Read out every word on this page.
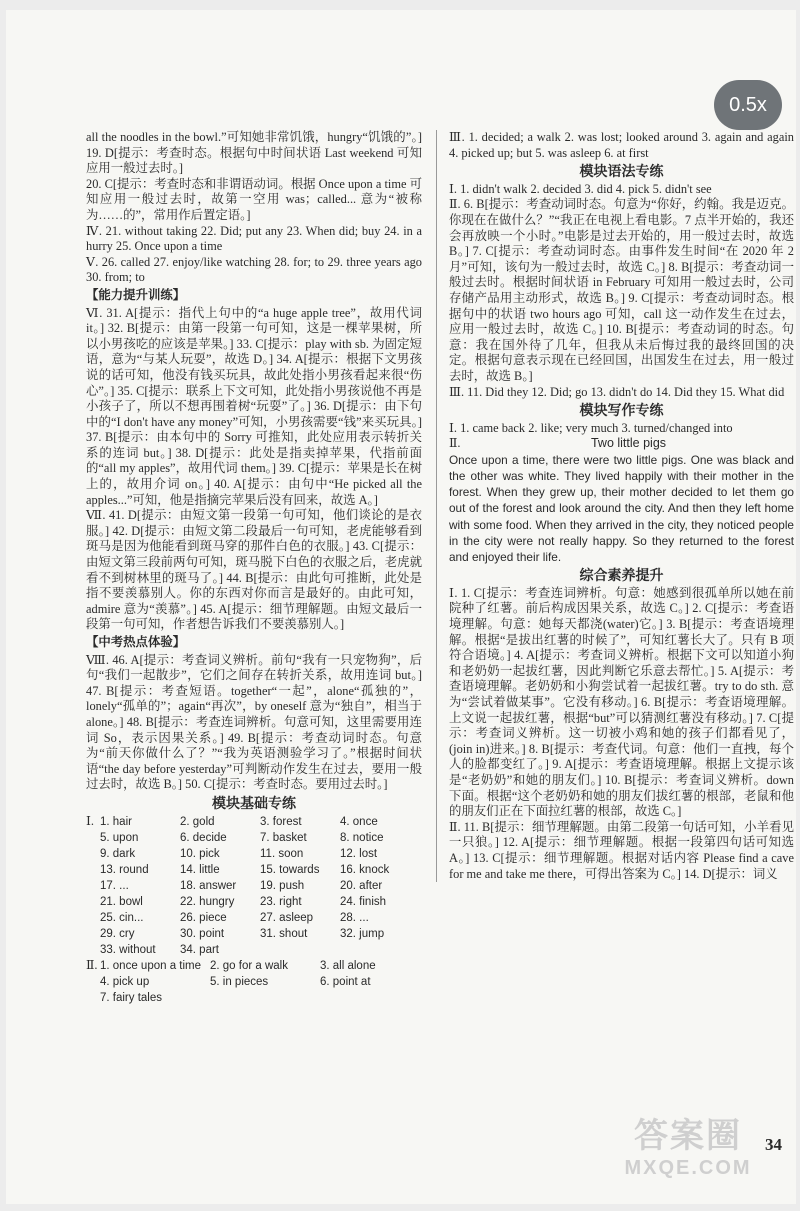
0.5x

all the noodles in the bowl.”可知她非常饥饿，hungry“饥饿的”。] 19. D[提示：考查时态。根据句中时间状语 Last weekend 可知应用一般过去时。]

20. C[提示：考查时态和非谓语动词。根据 Once upon a time 可知应用一般过去时，故第一空用 was；called... 意为“被称为……的”，常用作后置定语。]

Ⅳ. 21. without taking 22. Did; put any 23. When did; buy 24. in a hurry 25. Once upon a time

Ⅴ. 26. called 27. enjoy/like watching 28. for; to 29. three years ago 30. from; to

【能力提升训练】

Ⅵ. 31. A[提示：指代上句中的“a huge apple tree”，故用代词 it。] 32. B[提示：由第一段第一句可知，这是一棵苹果树，所以小男孩吃的应该是苹果。] 33. C[提示：play with sb. 为固定短语，意为“与某人玩耍”，故选 D。] 34. A[提示：根据下文男孩说的话可知，他没有钱买玩具，故此处指小男孩看起来很“伤心”。] 35. C[提示：联系上下文可知，此处指小男孩说他不再是小孩子了，所以不想再围着树“玩耍”了。] 36. D[提示：由下句中的“I don't have any money”可知，小男孩需要“钱”来买玩具。] 37. B[提示：由本句中的 Sorry 可推知，此处应用表示转折关系的连词 but。] 38. D[提示：此处是指卖掉苹果，代指前面的“all my apples”，故用代词 them。] 39. C[提示：苹果是长在树上的，故用介词 on。] 40. A[提示：由句中“He picked all the apples...”可知，他是指摘完苹果后没有回来，故选 A。]

Ⅶ. 41. D[提示：由短文第一段第一句可知，他们谈论的是衣服。] 42. D[提示：由短文第二段最后一句可知，老虎能够看到斑马是因为他能看到斑马穿的那件白色的衣服。] 43. C[提示：由短文第三段前两句可知，斑马脱下白色的衣服之后，老虎就看不到树林里的斑马了。] 44. B[提示：由此句可推断，此处是指不要羡慕别人。你的东西对你而言是最好的。由此可知，admire 意为“羡慕”。] 45. A[提示：细节理解题。由短文最后一段第一句可知，作者想告诉我们不要羡慕别人。]

【中考热点体验】

Ⅷ. 46. A[提示：考查词义辨析。前句“我有一只宠物狗”，后句“我们一起散步”，它们之间存在转折关系，故用连词 but。] 47. B[提示：考查短语。together“一起”，alone“孤独的”，lonely“孤单的”；again“再次”，by oneself 意为“独自”，相当于 alone。] 48. B[提示：考查连词辨析。句意可知，这里需要用连词 So，表示因果关系。] 49. B[提示：考查动词时态。句意为“前天你做什么了？”“我为英语测验学习了。”根据时间状语“the day before yesterday”可判断动作发生在过去，要用一般过去时，故选 B。] 50. C[提示：考查时态。要用过去时。]

模块基础专练
Ⅰ. 1. hair	2. gold	3. forest	4. once
5. upon	6. decide	7. basket	8. notice
9. dark	10. pick	11. soon	12. lost
13. round	14. little	15. towards	16. knock
17. ...	18. answer	19. push	20. after
21. bowl	22. hungry	23. right	24. finish
25. cin...	26. piece	27. asleep	28. ...
29. cry	30. point	31. shout	32. jump
33. without	34. part
Ⅱ. 1. once upon a time 2. go for a walk	3. all alone
4. pick up	5. in pieces	6. point at
7. fairy tales

Ⅲ. 1. decided; a walk 2. was lost; looked around 3. again and again 4. picked up; but 5. was asleep 6. at first

模块语法专练

Ⅰ. 1. didn't walk 2. decided 3. did 4. pick 5. didn't see

Ⅱ. 6. B[提示：考查动词时态。句意为“你好，约翰。我是迈克。你现在在做什么？”“我正在电视上看电影。7 点半开始的，我还会再放映一个小时。”电影是过去开始的，用一般过去时，故选 B。] 7. C[提示：考查动词时态。由事件发生时间“在 2020 年 2 月”可知，该句为一般过去时，故选 C。] 8. B[提示：考查动词一般过去时。根据时间状语 in February 可知用一般过去时，公司存储产品用主动形式，故选 B。] 9. C[提示：考查动词时态。根据句中的状语 two hours ago 可知，call 这一动作发生在过去，应用一般过去时，故选 C。] 10. B[提示：考查动词的时态。句意：我在国外待了几年，但我从未后悔过我的最终回国的决定。根据句意表示现在已经回国，出国发生在过去，用一般过去时，故选 B。]

Ⅲ. 11. Did they 12. Did; go 13. didn't do 14. Did they 15. What did

模块写作专练

Ⅰ. 1. came back 2. like; very much 3. turned/changed into

Ⅱ.	Two little pigs

Once upon a time, there were two little pigs. One was black and the other was white. They lived happily with their mother in the forest. When they grew up, their mother decided to let them go out of the forest and look around the city. And then they left home with some food. When they arrived in the city, they noticed people in the city were not really happy. So they returned to the forest and enjoyed their life.

综合素养提升

Ⅰ. 1. C[提示：考查连词辨析。句意：她感到很孤单所以她在前院种了红薯。前后构成因果关系，故选 C。] 2. C[提示：考查语境理解。句意：她每天都浇(water)它。] 3. B[提示：考查语境理解。根据“是拔出红薯的时候了”，可知红薯长大了。只有 B 项符合语境。] 4. A[提示：考查词义辨析。根据下文可以知道小狗和老奶奶一起拔红薯，因此判断它乐意去帮忙。] 5. A[提示：考查语境理解。老奶奶和小狗尝试着一起拔红薯。try to do sth. 意为“尝试着做某事”。它没有移动。] 6. B[提示：考查语境理解。上文说一起拔红薯，根据“but”可以猜测红薯没有移动。] 7. C[提示：考查词义辨析。这一切被小鸡和她的孩子们都看见了，(join in)进来。] 8. B[提示：考查代词。句意：他们一直拽，每个人的脸都变红了。] 9. A[提示：考查语境理解。根据上文提示该是“老奶奶”和她的朋友们。] 10. B[提示：考查词义辨析。down 下面。根据“这个老奶奶和她的朋友们拔红薯的根部，老鼠和他的朋友们正在下面拉红薯的根部，故选 C。]

Ⅱ. 11. B[提示：细节理解题。由第二段第一句话可知，小羊看见一只狼。] 12. A[提示：细节理解题。根据一段第四句话可知选 A。] 13. C[提示：细节理解题。根据对话内容 Please find a cave for me and take me there，可得出答案为 C。] 14. D[提示：词义

34
答案圈
MXQE.COM
